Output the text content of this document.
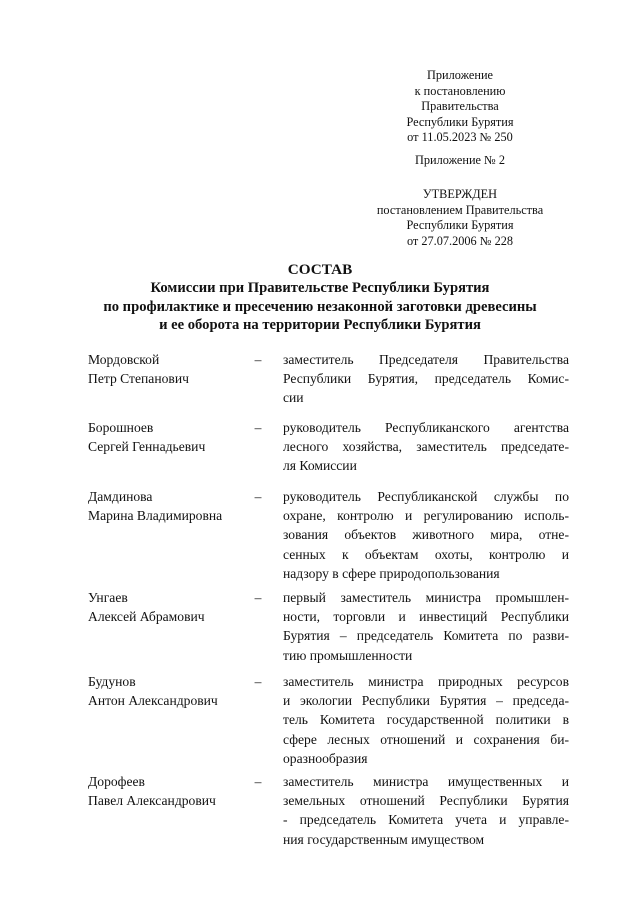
Приложение
к постановлению
Правительства
Республики Бурятия
от 11.05.2023 № 250
Приложение № 2
УТВЕРЖДЕН
постановлением Правительства
Республики Бурятия
от 27.07.2006 № 228
СОСТАВ
Комиссии при Правительстве Республики Бурятия
по профилактике и пресечению незаконной заготовки древесины
и ее оборота на территории Республики Бурятия
Мордовской
Петр Степанович
– заместитель Председателя Правительства
Республики Бурятия, председатель Комис-
сии
Борошноев
Сергей Геннадьевич
– руководитель Республиканского агентства
лесного хозяйства, заместитель председате-
ля Комиссии
Дамдинова
Марина Владимировна
– руководитель Республиканской службы по
охране, контролю и регулированию исполь-
зования объектов животного мира, отне-
сенных к объектам охоты, контролю и
надзору в сфере природопользования
Унгаев
Алексей Абрамович
– первый заместитель министра промышлен-
ности, торговли и инвестиций Республики
Бурятия – председатель Комитета по разви-
тию промышленности
Будунов
Антон Александрович
– заместитель министра природных ресурсов
и экологии Республики Бурятия – председа-
тель Комитета государственной политики в
сфере лесных отношений и сохранения би-
оразнообразия
Дорофеев
Павел Александрович
– заместитель министра имущественных и
земельных отношений Республики Бурятия
- председатель Комитета учета и управле-
ния государственным имуществом
